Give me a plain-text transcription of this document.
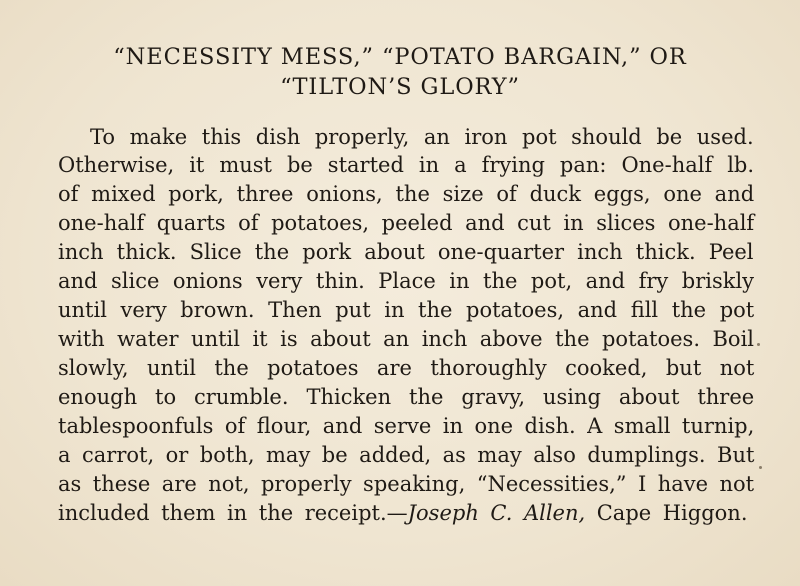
“NECESSITY MESS,” “POTATO BARGAIN,” OR
“TILTON’S GLORY”
To make this dish properly, an iron pot should be used.
Otherwise, it must be started in a frying pan: One-half lb.
of mixed pork, three onions, the size of duck eggs, one and
one-half quarts of potatoes, peeled and cut in slices one-half
inch thick. Slice the pork about one-quarter inch thick. Peel
and slice onions very thin. Place in the pot, and fry briskly
until very brown. Then put in the potatoes, and fill the pot
with water until it is about an inch above the potatoes. Boil
slowly, until the potatoes are thoroughly cooked, but not
enough to crumble. Thicken the gravy, using about three
tablespoonfuls of flour, and serve in one dish. A small turnip,
a carrot, or both, may be added, as may also dumplings. But
as these are not, properly speaking, “Necessities,” I have not
included them in the receipt.—Joseph C. Allen, Cape Higgon.
